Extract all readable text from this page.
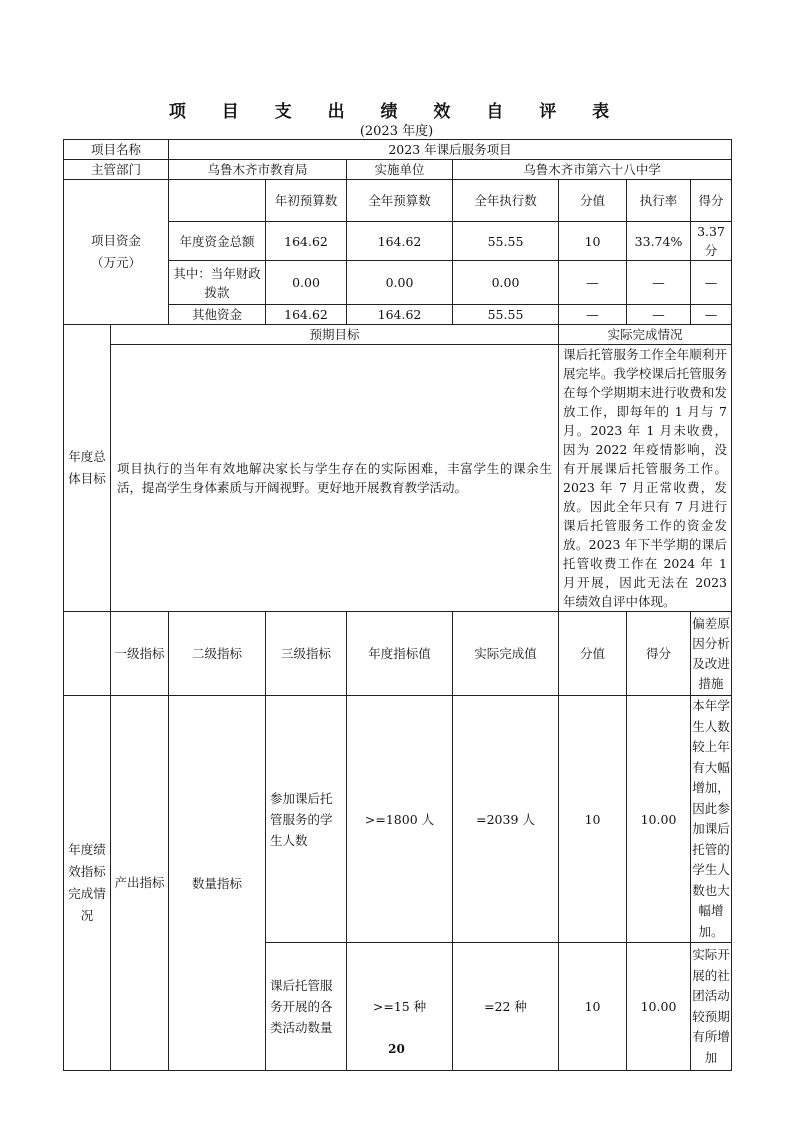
项 目 支 出 绩 效 自 评 表
(2023 年度)
项目名称		2023 年课后服务项目						
主管部门		乌鲁木齐市教育局		实施单位	乌鲁木齐市第六十八中学			
项目资金
（万元）			年初预算数	全年预算数	全年执行数	分值	执行率	得分
		年度资金总额	164.62	164.62	55.55	10	33.74%	3.37 分
		其中：当年财政拨款	0.00	0.00	0.00	—	—	—
		其他资金	164.62	164.62	55.55	—	—	—
年度总体目标	预期目标					实际完成情况		
	项目执行的当年有效地解决家长与学生存在的实际困难，丰富学生的课余生活，提高学生身体素质与开阔视野。更好地开展教育教学活动。					课后托管服务工作全年顺利开展完毕。我学校课后托管服务在每个学期期末进行收费和发放工作，即每年的 1 月与 7 月。2023 年 1 月未收费，因为 2022 年疫情影响，没有开展课后托管服务工作。2023 年 7 月正常收费，发放。因此全年只有 7 月进行课后托管服务工作的资金发放。2023 年下半学期的课后托管收费工作在 2024 年 1 月开展，因此无法在 2023 年绩效自评中体现。		
	一级指标	二级指标	三级指标	年度指标值	实际完成值	分值	得分	偏差原因分析及改进措施
年度绩效指标完成情况	产出指标	数量指标	参加课后托管服务的学生人数	>=1800 人	=2039 人	10	10.00	本年学生人数较上年有大幅增加，因此参加课后托管的学生人数也大幅增加。
			课后托管服务开展的各类活动数量	>=15 种	=22 种	10	10.00	实际开展的社团活动较预期有所增加
20
